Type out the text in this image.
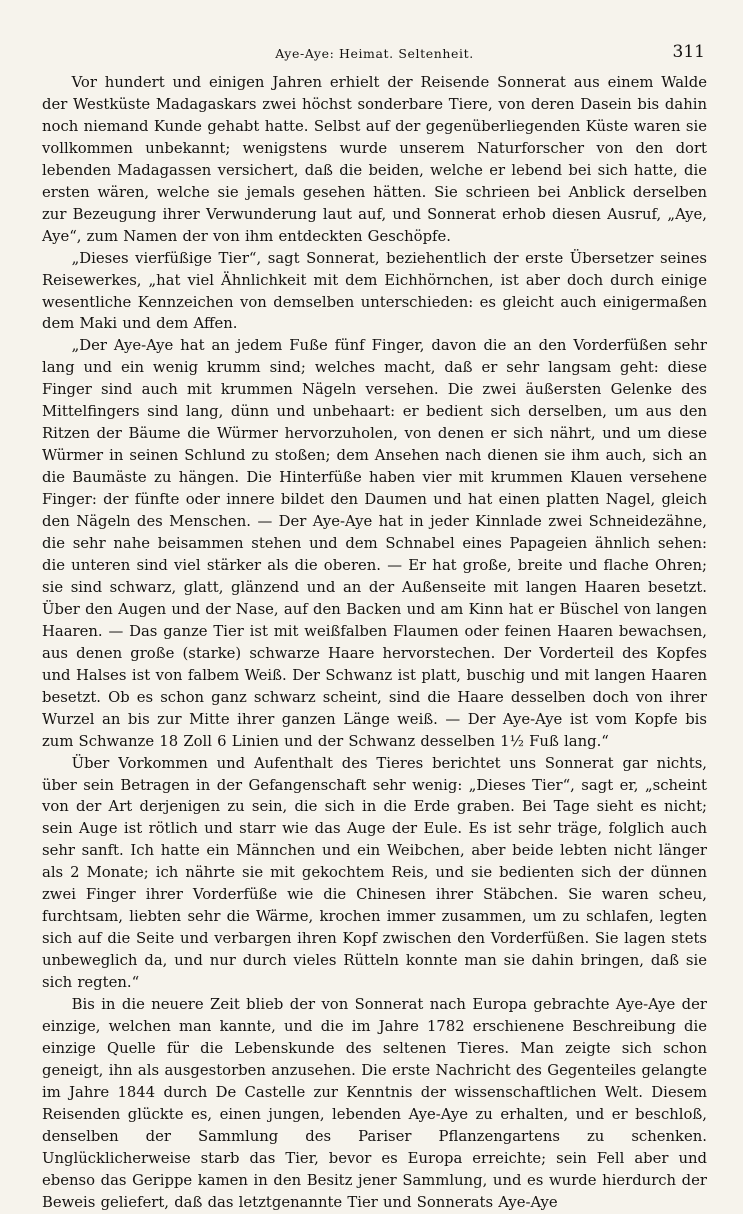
Aye-Aye: Heimat. Seltenheit.	311

Vor hundert und einigen Jahren erhielt der Reisende Sonnerat aus einem Walde der Westküste Madagaskars zwei höchst sonderbare Tiere, von deren Dasein bis dahin noch niemand Kunde gehabt hatte. Selbst auf der gegenüberliegenden Küste waren sie vollkommen unbekannt; wenigstens wurde unserem Naturforscher von den dort lebenden Madagassen versichert, daß die beiden, welche er lebend bei sich hatte, die ersten wären, welche sie jemals gesehen hätten. Sie schrieen bei Anblick derselben zur Bezeugung ihrer Verwunderung laut auf, und Sonnerat erhob diesen Ausruf, „Aye, Aye“, zum Namen der von ihm entdeckten Geschöpfe.

„Dieses vierfüßige Tier“, sagt Sonnerat, beziehentlich der erste Übersetzer seines Reisewerkes, „hat viel Ähnlichkeit mit dem Eichhörnchen, ist aber doch durch einige wesentliche Kennzeichen von demselben unterschieden: es gleicht auch einigermaßen dem Maki und dem Affen.

„Der Aye-Aye hat an jedem Fuße fünf Finger, davon die an den Vorderfüßen sehr lang und ein wenig krumm sind; welches macht, daß er sehr langsam geht: diese Finger sind auch mit krummen Nägeln versehen. Die zwei äußersten Gelenke des Mittelfingers sind lang, dünn und unbehaart: er bedient sich derselben, um aus den Ritzen der Bäume die Würmer hervorzuholen, von denen er sich nährt, und um diese Würmer in seinen Schlund zu stoßen; dem Ansehen nach dienen sie ihm auch, sich an die Baumäste zu hängen. Die Hinterfüße haben vier mit krummen Klauen versehene Finger: der fünfte oder innere bildet den Daumen und hat einen platten Nagel, gleich den Nägeln des Menschen. — Der Aye-Aye hat in jeder Kinnlade zwei Schneidezähne, die sehr nahe beisammen stehen und dem Schnabel eines Papageien ähnlich sehen: die unteren sind viel stärker als die oberen. — Er hat große, breite und flache Ohren; sie sind schwarz, glatt, glänzend und an der Außenseite mit langen Haaren besetzt. Über den Augen und der Nase, auf den Backen und am Kinn hat er Büschel von langen Haaren. — Das ganze Tier ist mit weißfalben Flaumen oder feinen Haaren bewachsen, aus denen große (starke) schwarze Haare hervorstechen. Der Vorderteil des Kopfes und Halses ist von falbem Weiß. Der Schwanz ist platt, buschig und mit langen Haaren besetzt. Ob es schon ganz schwarz scheint, sind die Haare desselben doch von ihrer Wurzel an bis zur Mitte ihrer ganzen Länge weiß. — Der Aye-Aye ist vom Kopfe bis zum Schwanze 18 Zoll 6 Linien und der Schwanz desselben 1½ Fuß lang.“

Über Vorkommen und Aufenthalt des Tieres berichtet uns Sonnerat gar nichts, über sein Betragen in der Gefangenschaft sehr wenig: „Dieses Tier“, sagt er, „scheint von der Art derjenigen zu sein, die sich in die Erde graben. Bei Tage sieht es nicht; sein Auge ist rötlich und starr wie das Auge der Eule. Es ist sehr träge, folglich auch sehr sanft. Ich hatte ein Männchen und ein Weibchen, aber beide lebten nicht länger als 2 Monate; ich nährte sie mit gekochtem Reis, und sie bedienten sich der dünnen zwei Finger ihrer Vorderfüße wie die Chinesen ihrer Stäbchen. Sie waren scheu, furchtsam, liebten sehr die Wärme, krochen immer zusammen, um zu schlafen, legten sich auf die Seite und verbargen ihren Kopf zwischen den Vorderfüßen. Sie lagen stets unbeweglich da, und nur durch vieles Rütteln konnte man sie dahin bringen, daß sie sich regten.“

Bis in die neuere Zeit blieb der von Sonnerat nach Europa gebrachte Aye-Aye der einzige, welchen man kannte, und die im Jahre 1782 erschienene Beschreibung die einzige Quelle für die Lebenskunde des seltenen Tieres. Man zeigte sich schon geneigt, ihn als ausgestorben anzusehen. Die erste Nachricht des Gegenteiles gelangte im Jahre 1844 durch De Castelle zur Kenntnis der wissenschaftlichen Welt. Diesem Reisenden glückte es, einen jungen, lebenden Aye-Aye zu erhalten, und er beschloß, denselben der Sammlung des Pariser Pflanzengartens zu schenken. Unglücklicherweise starb das Tier, bevor es Europa erreichte; sein Fell aber und ebenso das Gerippe kamen in den Besitz jener Sammlung, und es wurde hierdurch der Beweis geliefert, daß das letztgenannte Tier und Sonnerats Aye-Aye
